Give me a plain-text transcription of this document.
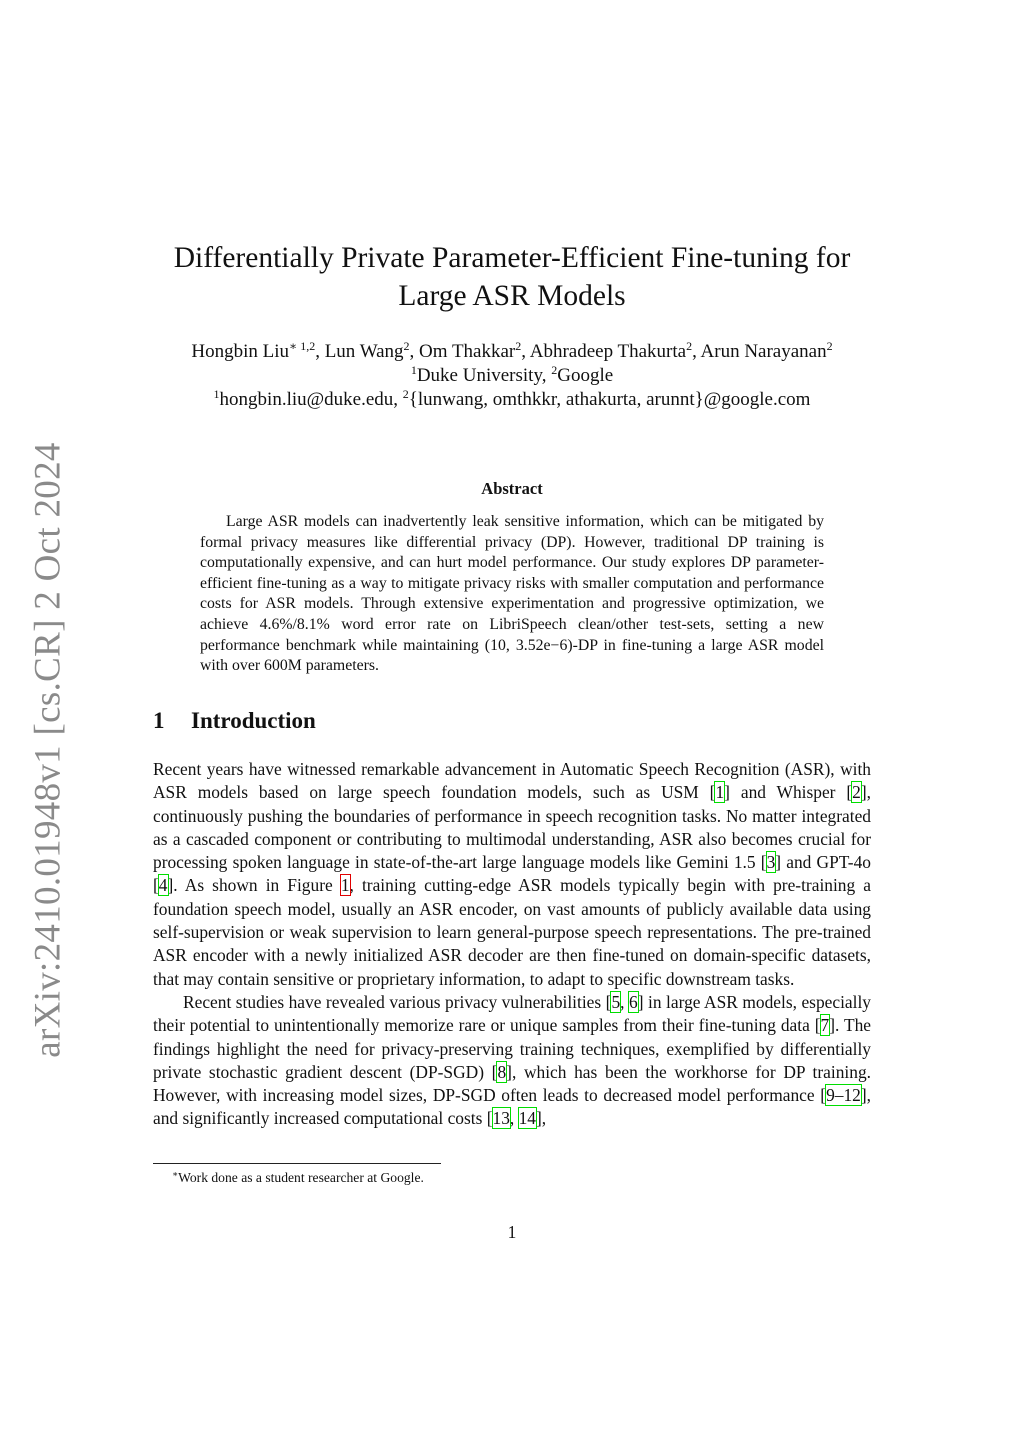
arXiv:2410.01948v1 [cs.CR] 2 Oct 2024
Differentially Private Parameter-Efficient Fine-tuning for
Large ASR Models
Hongbin Liu$^{∗ 1,2}$, Lun Wang$^2$, Om Thakkar$^2$, Abhradeep Thakurta$^2$, Arun Narayanan$^2$
$^1$Duke University, $^2$Google
$^1$hongbin.liu@duke.edu, $^2${lunwang, omthkkr, athakurta, arunnt}@google.com
Abstract

Large ASR models can inadvertently leak sensitive information, which can be mitigated by formal privacy measures like differential privacy (DP). However, traditional DP training is computationally expensive, and can hurt model performance. Our study explores DP parameter-efficient fine-tuning as a way to mitigate privacy risks with smaller computation and performance costs for ASR models. Through extensive experimentation and progressive optimization, we achieve 4.6%/8.1% word error rate on LibriSpeech clean/other test-sets, setting a new performance benchmark while maintaining (10, 3.52e−6)-DP in fine-tuning a large ASR model with over 600M parameters.

1 Introduction

Recent years have witnessed remarkable advancement in Automatic Speech Recognition (ASR), with ASR models based on large speech foundation models, such as USM [1] and Whisper [2], continuously pushing the boundaries of performance in speech recognition tasks. No matter integrated as a cascaded component or contributing to multimodal understanding, ASR also becomes crucial for processing spoken language in state-of-the-art large language models like Gemini 1.5 [3] and GPT-4o [4]. As shown in Figure 1, training cutting-edge ASR models typically begin with pre-training a foundation speech model, usually an ASR encoder, on vast amounts of publicly available data using self-supervision or weak supervision to learn general-purpose speech representations. The pre-trained ASR encoder with a newly initialized ASR decoder are then fine-tuned on domain-specific datasets, that may contain sensitive or proprietary information, to adapt to specific downstream tasks.

Recent studies have revealed various privacy vulnerabilities [5, 6] in large ASR models, especially their potential to unintentionally memorize rare or unique samples from their fine-tuning data [7]. The findings highlight the need for privacy-preserving training techniques, exemplified by differentially private stochastic gradient descent (DP-SGD) [8], which has been the workhorse for DP training. However, with increasing model sizes, DP-SGD often leads to decreased model performance [9–12], and significantly increased computational costs [13, 14],

∗Work done as a student researcher at Google.
1
